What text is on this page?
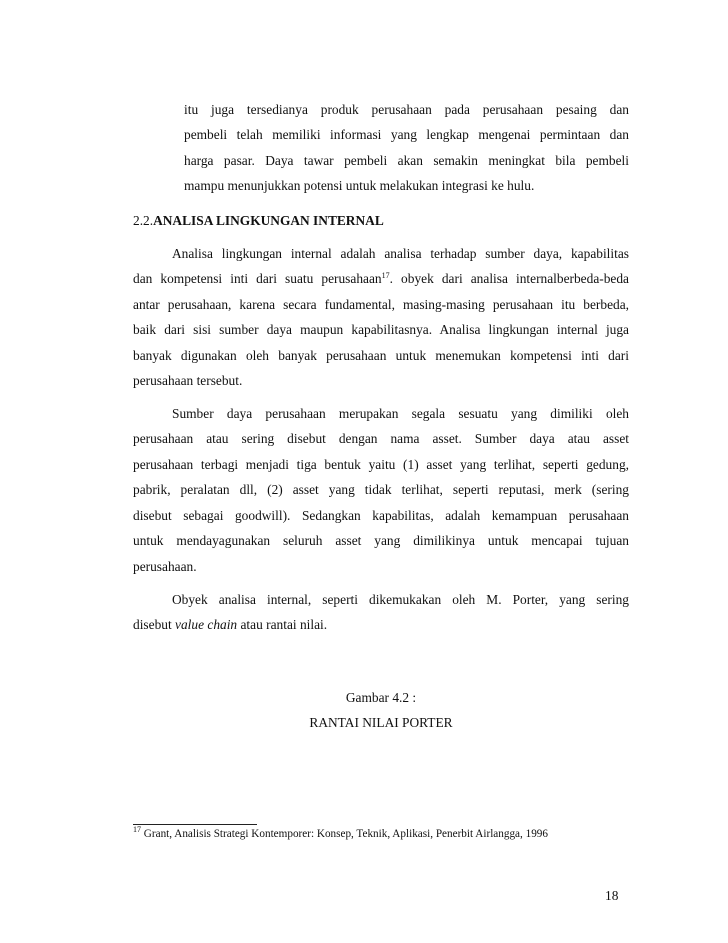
itu juga tersedianya produk perusahaan pada perusahaan pesaing dan
pembeli telah memiliki informasi yang lengkap mengenai permintaan dan
harga pasar. Daya tawar pembeli akan semakin meningkat bila pembeli
mampu menunjukkan potensi untuk melakukan integrasi ke hulu.
2.2.ANALISA LINGKUNGAN INTERNAL
Analisa lingkungan internal adalah analisa terhadap sumber daya, kapabilitas
dan kompetensi inti dari suatu perusahaan$^{17}$. obyek dari analisa internalberbeda-beda
antar perusahaan, karena secara fundamental, masing-masing perusahaan itu berbeda,
baik dari sisi sumber daya maupun kapabilitasnya. Analisa lingkungan internal juga
banyak digunakan oleh banyak perusahaan untuk menemukan kompetensi inti dari
perusahaan tersebut.
Sumber daya perusahaan merupakan segala sesuatu yang dimiliki oleh
perusahaan atau sering disebut dengan nama asset. Sumber daya atau asset
perusahaan terbagi menjadi tiga bentuk yaitu (1) asset yang terlihat, seperti gedung,
pabrik, peralatan dll, (2) asset yang tidak terlihat, seperti reputasi, merk (sering
disebut sebagai goodwill). Sedangkan kapabilitas, adalah kemampuan perusahaan
untuk mendayagunakan seluruh asset yang dimilikinya untuk mencapai tujuan
perusahaan.
Obyek analisa internal, seperti dikemukakan oleh M. Porter, yang sering
disebut value chain atau rantai nilai.
Gambar 4.2 :
RANTAI NILAI PORTER
$^{17}$ Grant, Analisis Strategi Kontemporer: Konsep, Teknik, Aplikasi, Penerbit Airlangga, 1996
18
